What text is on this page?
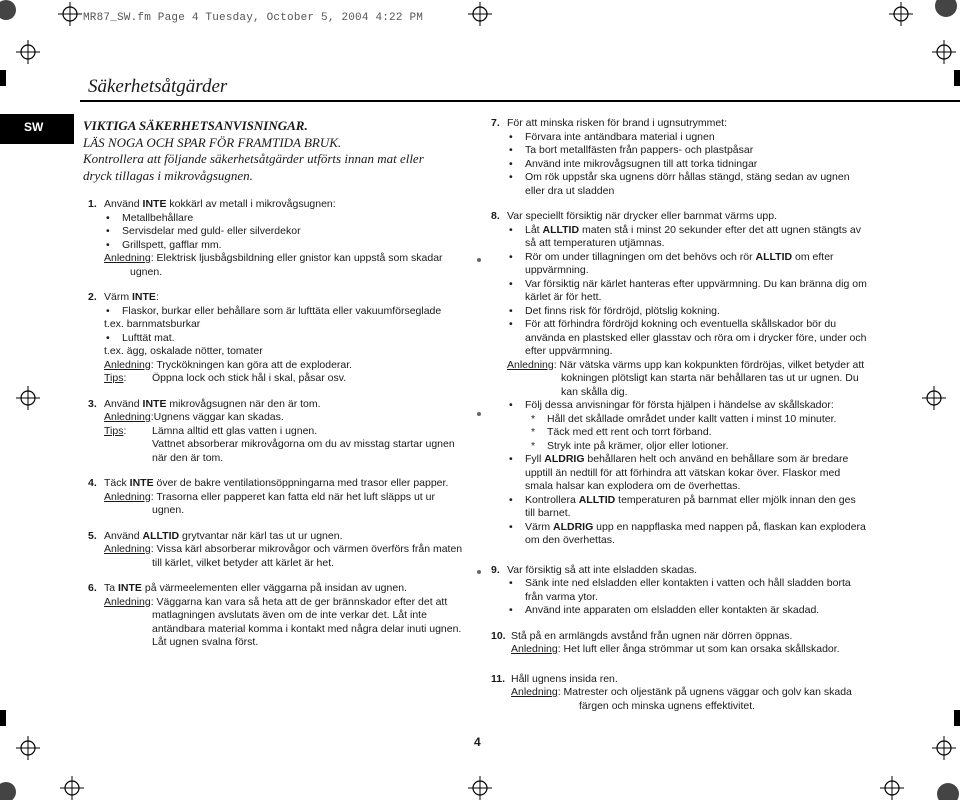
MR87_SW.fm Page 4 Tuesday, October 5, 2004 4:22 PM
Säkerhetsåtgärder
SW	VIKTIGA SÄKERHETSANVISNINGAR.
LÄS NOGA OCH SPAR FÖR FRAMTIDA BRUK.
Kontrollera att följande säkerhetsåtgärder utförts innan mat eller
dryck tillagas i mikrovågsugnen.
1. Använd INTE kokkärl av metall i mikrovågsugnen:
• Metallbehållare
• Servisdelar med guld- eller silverdekor
• Grillspett, gafflar mm.
Anledning: Elektrisk ljusbågsbildning eller gnistor kan uppstå som skadar
ugnen.
2. Värm INTE:
• Flaskor, burkar eller behållare som är lufttäta eller vakuumförseglade
t.ex. barnmatsburkar
• Lufttät mat.
t.ex. ägg, oskalade nötter, tomater
Anledning: Tryckökningen kan göra att de exploderar.
Tips: Öppna lock och stick hål i skal, påsar osv.
3. Använd INTE mikrovågsugnen när den är tom.
Anledning:Ugnens väggar kan skadas.
Tips: Lämna alltid ett glas vatten i ugnen.
Vattnet absorberar mikrovågorna om du av misstag startar ugnen
när den är tom.
4. Täck INTE över de bakre ventilationsöppningarna med trasor eller papper.
Anledning: Trasorna eller papperet kan fatta eld när het luft släpps ut ur
ugnen.
5. Använd ALLTID grytvantar när kärl tas ut ur ugnen.
Anledning: Vissa kärl absorberar mikrovågor och värmen överförs från maten
till kärlet, vilket betyder att kärlet är het.
6. Ta INTE på värmeelementen eller väggarna på insidan av ugnen.
Anledning: Väggarna kan vara så heta att de ger brännskador efter det att
matlagningen avslutats även om de inte verkar det. Låt inte
antändbara material komma i kontakt med några delar inuti ugnen.
Låt ugnen svalna först.
7. För att minska risken för brand i ugnsutrymmet:
• Förvara inte antändbara material i ugnen
• Ta bort metallfästen från pappers- och plastpåsar
• Använd inte mikrovågsugnen till att torka tidningar
• Om rök uppstår ska ugnens dörr hållas stängd, stäng sedan av ugnen
eller dra ut sladden
8. Var speciellt försiktig när drycker eller barnmat värms upp.
• Låt ALLTID maten stå i minst 20 sekunder efter det att ugnen stängts av
så att temperaturen utjämnas.
• Rör om under tillagningen om det behövs och rör ALLTID om efter
uppvärmning.
• Var försiktig när kärlet hanteras efter uppvärmning. Du kan bränna dig om
kärlet är för hett.
• Det finns risk för fördröjd, plötslig kokning.
• För att förhindra fördröjd kokning och eventuella skållskador bör du
använda en plastsked eller glasstav och röra om i drycker före, under och
efter uppvärmning.
Anledning: När vätska värms upp kan kokpunkten fördröjas, vilket betyder att
kokningen plötsligt kan starta när behållaren tas ut ur ugnen. Du
kan skålla dig.
• Följ dessa anvisningar för första hjälpen i händelse av skållskador:
* Håll det skållade området under kallt vatten i minst 10 minuter.
* Täck med ett rent och torrt förband.
* Stryk inte på krämer, oljor eller lotioner.
• Fyll ALDRIG behållaren helt och använd en behållare som är bredare
upptill än nedtill för att förhindra att vätskan kokar över. Flaskor med
smala halsar kan explodera om de överhettas.
• Kontrollera ALLTID temperaturen på barnmat eller mjölk innan den ges
till barnet.
• Värm ALDRIG upp en nappflaska med nappen på, flaskan kan explodera
om den överhettas.
9. Var försiktig så att inte elsladden skadas.
• Sänk inte ned elsladden eller kontakten i vatten och håll sladden borta
från varma ytor.
• Använd inte apparaten om elsladden eller kontakten är skadad.
10. Stå på en armlängds avstånd från ugnen när dörren öppnas.
Anledning: Het luft eller ånga strömmar ut som kan orsaka skållskador.
11. Håll ugnens insida ren.
Anledning: Matrester och oljestänk på ugnens väggar och golv kan skada
färgen och minska ugnens effektivitet.
4
